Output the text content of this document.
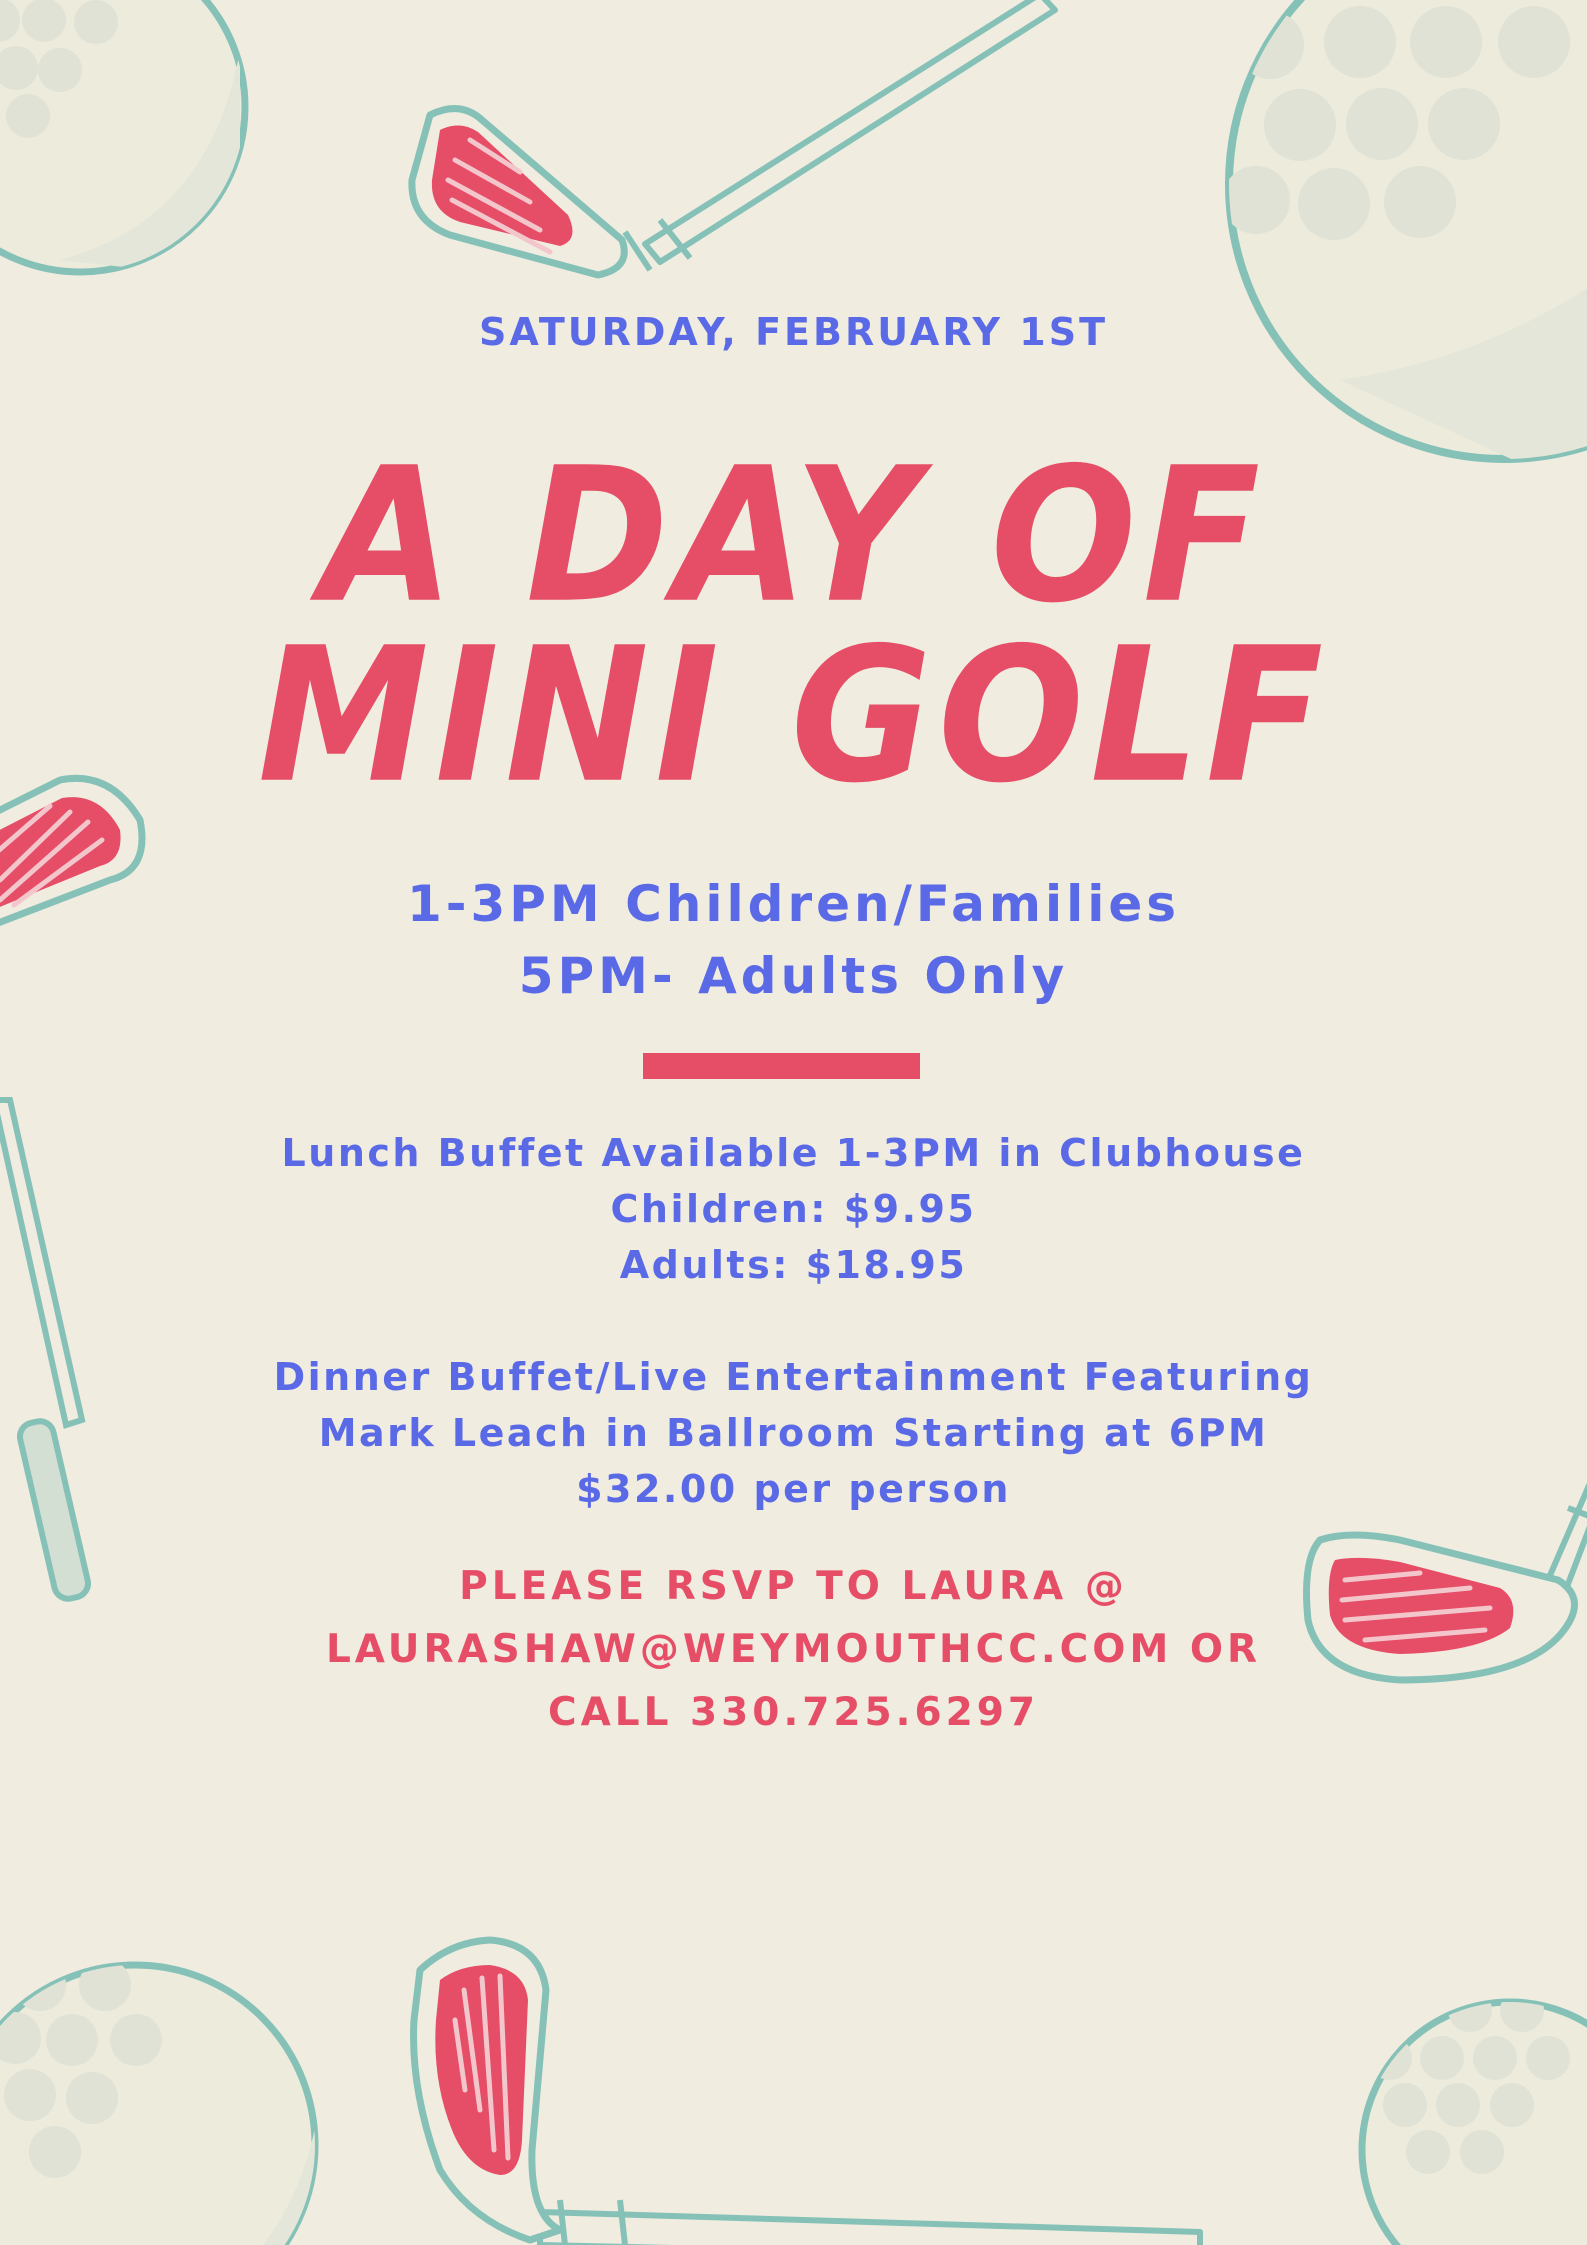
SATURDAY, FEBRUARY 1ST
A DAY OF
MINI GOLF
1-3PM Children/Families
5PM- Adults Only
Lunch Buffet Available 1-3PM in Clubhouse
Children: $9.95
Adults: $18.95
Dinner Buffet/Live Entertainment Featuring
Mark Leach in Ballroom Starting at 6PM
$32.00 per person
PLEASE RSVP TO LAURA @
LAURASHAW@WEYMOUTHCC.COM OR
CALL 330.725.6297
